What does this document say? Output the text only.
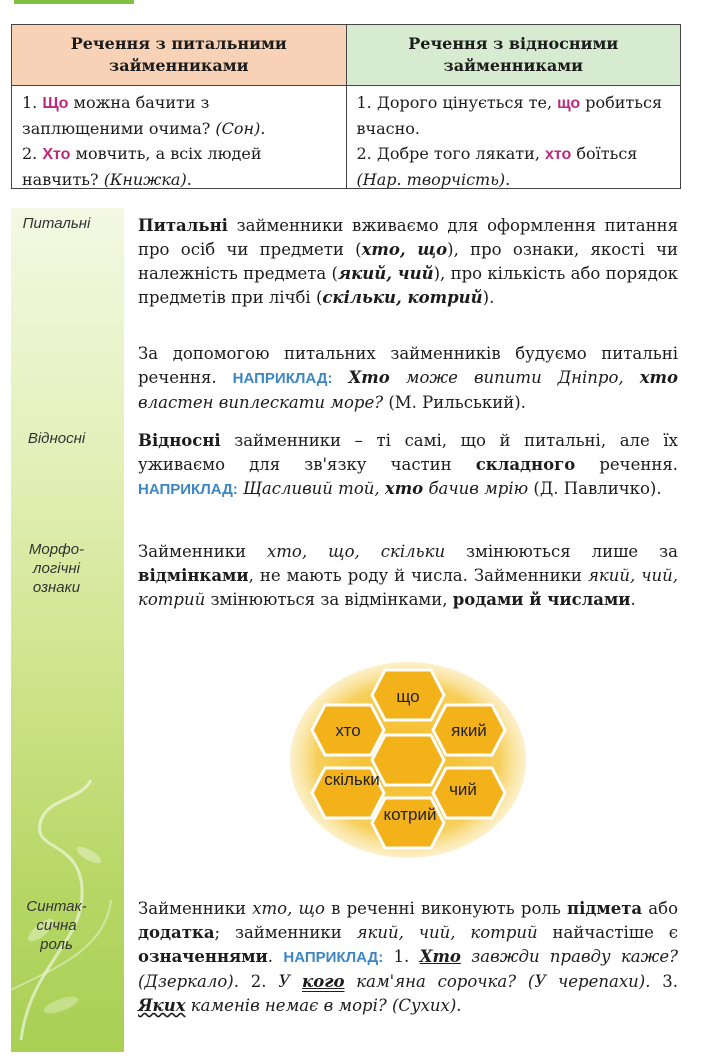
Речення з питальними займенниками
Речення з відносними займенниками
1. Що можна бачити з заплющеними очима? (Сон).
2. Хто мовчить, а всіх людей навчить? (Книжка).
1. Дорого цінується те, що робиться вчасно.
2. Добре того лякати, хто боїться (Нар. творчість).
Питальні
Відносні
Морфо-
логічні
ознаки
Синтак-
сична
роль
Питальні займенники вживаємо для оформлення питання про осіб чи предмети (хто, що), про ознаки, якості чи належність предмета (який, чий), про кількість або порядок предметів при лічбі (скільки, котрий).
За допомогою питальних займенників будуємо питальні речення. НАПРИКЛАД: Хто може випити Дніпро, хто властен виплескати море? (М. Рильський).
Відносні займенники – ті самі, що й питальні, але їх уживаємо для зв'язку частин складного речення. НАПРИКЛАД: Щасливий той, хто бачив мрію (Д. Павличко).
Займенники хто, що, скільки змінюються лише за відмінками, не мають роду й числа. Займенники який, чий, котрий змінюються за відмінками, родами й числами.
що
хто	який
скільки
чий
котрий
Займенники хто, що в реченні виконують роль підмета або додатка; займенники який, чий, котрий найчастіше є означеннями. НАПРИКЛАД: 1. Хто завжди правду каже? (Дзеркало). 2. У кого кам'яна сорочка? (У черепахи). 3. Яких каменів немає в морі? (Сухих).
